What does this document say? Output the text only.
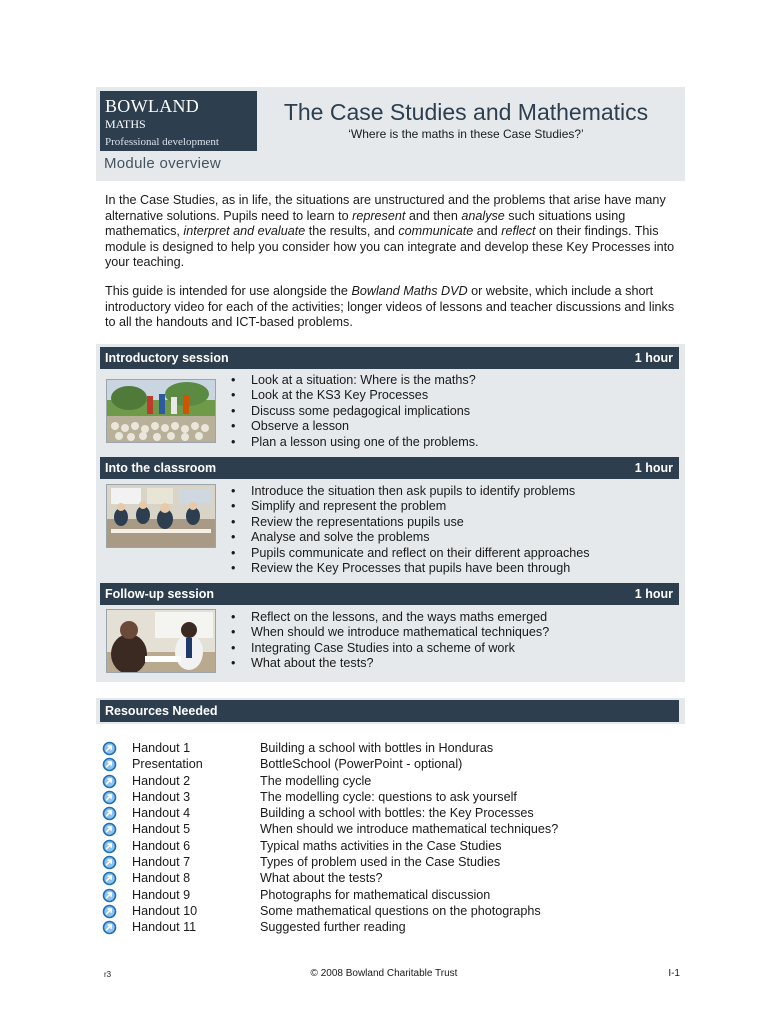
BOWLAND
MATHS
Professional development
Module overview
The Case Studies and Mathematics
‘Where is the maths in these Case Studies?’
In the Case Studies, as in life, the situations are unstructured and the problems that arise have many alternative solutions. Pupils need to learn to represent and then analyse such situations using mathematics, interpret and evaluate the results, and communicate and reflect on their findings. This module is designed to help you consider how you can integrate and develop these Key Processes into your teaching.
This guide is intended for use alongside the Bowland Maths DVD or website, which include a short introductory video for each of the activities; longer videos of lessons and teacher discussions and links to all the handouts and ICT-based problems.
Introductory session	1 hour
• Look at a situation: Where is the maths?
• Look at the KS3 Key Processes
• Discuss some pedagogical implications
• Observe a lesson
• Plan a lesson using one of the problems.
Into the classroom	1 hour
• Introduce the situation then ask pupils to identify problems
• Simplify and represent the problem
• Review the representations pupils use
• Analyse and solve the problems
• Pupils communicate and reflect on their different approaches
• Review the Key Processes that pupils have been through
Follow-up session	1 hour
• Reflect on the lessons, and the ways maths emerged
• When should we introduce mathematical techniques?
• Integrating Case Studies into a scheme of work
• What about the tests?
Resources Needed
Handout 1	Building a school with bottles in Honduras
Presentation	BottleSchool (PowerPoint - optional)
Handout 2	The modelling cycle
Handout 3	The modelling cycle: questions to ask yourself
Handout 4	Building a school with bottles: the Key Processes
Handout 5	When should we introduce mathematical techniques?
Handout 6	Typical maths activities in the Case Studies
Handout 7	Types of problem used in the Case Studies
Handout 8	What about the tests?
Handout 9	Photographs for mathematical discussion
Handout 10	Some mathematical questions on the photographs
Handout 11	Suggested further reading
r3	© 2008 Bowland Charitable Trust	I-1
